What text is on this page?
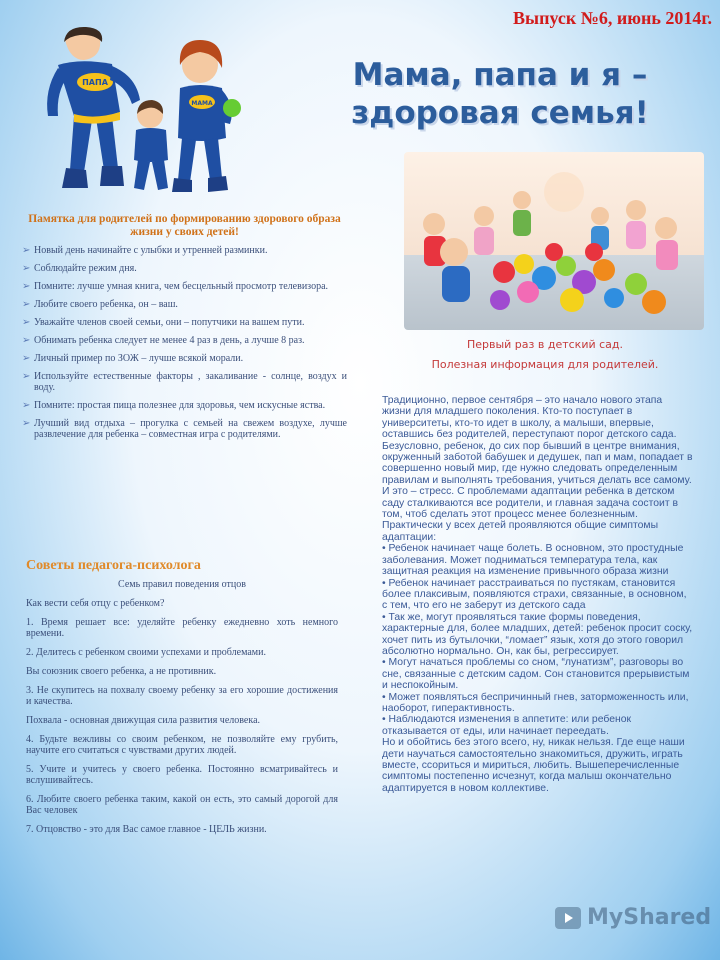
Выпуск №6, июнь 2014г.
Мама, папа и я – здоровая семья!
ПАПА
МАМА
Первый раз в детский сад.
Полезная информация для родителей.
Памятка для родителей по формированию здорового образа жизни у своих детей!
➢ Новый день начинайте с улыбки и утренней разминки.
➢ Соблюдайте режим дня.
➢ Помните: лучше умная книга, чем бесцельный просмотр телевизора.
➢ Любите своего ребенка, он – ваш.
➢ Уважайте членов своей семьи, они – попутчики на вашем пути.
➢ Обнимать ребенка следует не менее 4 раз в день, а лучше 8 раз.
➢ Личный пример по ЗОЖ – лучше всякой морали.
➢ Используйте естественные факторы , закаливание - солнце, воздух и воду.
➢ Помните: простая пища полезнее для здоровья, чем искусные яства.
➢ Лучший вид отдыха – прогулка с семьей на свежем воздухе, лучше развлечение для ребенка – совместная игра с родителями.
Советы педагога-психолога
Семь правил поведения отцов

Как вести себя отцу с ребенком?

1. Время решает все: уделяйте ребенку ежедневно хоть немного времени.

2. Делитесь с ребенком своими успехами и проблемами.

Вы союзник своего ребенка, а не противник.

3. Не скупитесь на похвалу своему ребенку за его хорошие достижения и качества.

Похвала - основная движущая сила развития человека.

4. Будьте вежливы со своим ребенком, не позволяйте ему грубить, научите его считаться с чувствами других людей.

5. Учите и учитесь у своего ребенка. Постоянно всматривайтесь и вслушивайтесь.

6. Любите своего ребенка таким, какой он есть, это самый дорогой для Вас человек

7. Отцовство - это для Вас самое главное - ЦЕЛЬ жизни.

Традиционно, первое сентября – это начало нового этапа жизни для младшего поколения. Кто-то поступает в университеты, кто-то идет в школу, а малыши, впервые, оставшись без родителей, переступают порог детского сада.

Безусловно, ребенок, до сих пор бывший в центре внимания, окруженный заботой бабушек и дедушек, пап и мам, попадает в совершенно новый мир, где нужно следовать определенным правилам и выполнять требования, учиться делать все самому. И это – стресс. С проблемами адаптации ребенка в детском саду сталкиваются все родители, и главная задача состоит в том, чтоб сделать этот процесс менее болезненным. Практически у всех детей проявляются общие симптомы адаптации:

• Ребенок начинает чаще болеть. В основном, это простудные заболевания. Может подниматься температура тела, как защитная реакция на изменение привычного образа жизни

• Ребенок начинает расстраиваться по пустякам, становится более плаксивым, появляются страхи, связанные, в основном, с тем, что его не заберут из детского сада

• Так же, могут проявляться такие формы поведения, характерные для, более младших, детей: ребенок просит соску, хочет пить из бутылочки, “ломает” язык, хотя до этого говорил абсолютно нормально. Он, как бы, регрессирует.

• Могут начаться проблемы со сном, “лунатизм”, разговоры во сне, связанные с детским садом. Сон становится прерывистым и неспокойным.

• Может появляться беспричинный гнев, заторможенность или, наоборот, гиперактивность.

• Наблюдаются изменения в аппетите: или ребенок отказывается от еды, или начинает переедать.

Но и обойтись без этого всего, ну, никак нельзя. Где еще наши дети научаться самостоятельно знакомиться, дружить, играть вместе, ссориться и мириться, любить. Вышеперечисленные симптомы постепенно исчезнут, когда малыш окончательно адаптируется в новом коллективе.

MyShared
